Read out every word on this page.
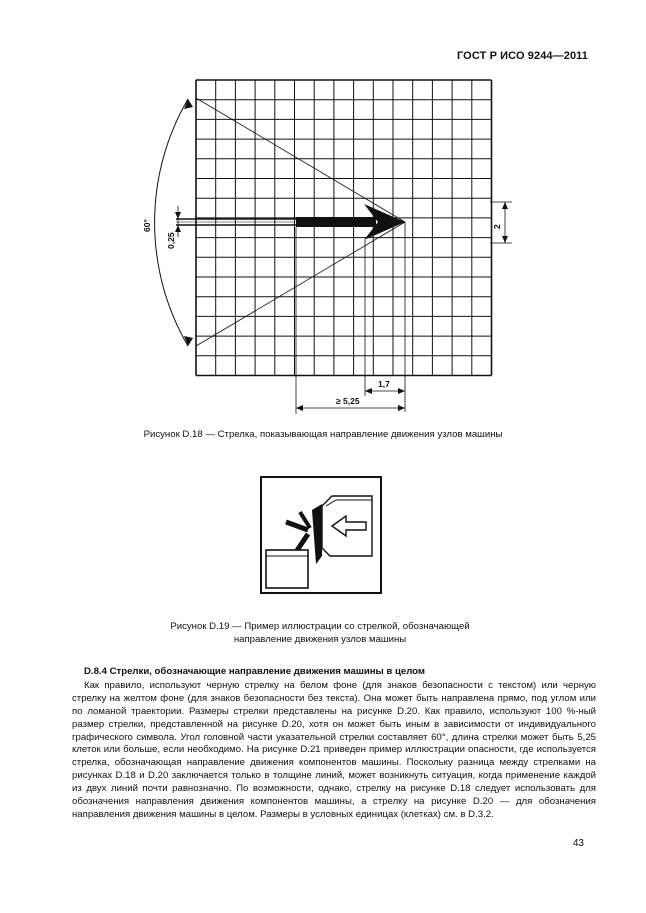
ГОСТ Р ИСО 9244—2011
0,25
60°	2
1,7
≥ 5,25
Рисунок D.18 — Стрелка, показывающая направление движения узлов машины
Рисунок D.19 — Пример иллюстрации со стрелкой, обозначающей
направление движения узлов машины
D.8.4 Стрелки, обозначающие направление движения машины в целом

Как правило, используют черную стрелку на белом фоне (для знаков безопасности с текстом) или черную стрелку на желтом фоне (для знаков безопасности без текста). Она может быть направлена прямо, под углом или по ломаной траектории. Размеры стрелки представлены на рисунке D.20. Как правило, используют 100 %-ный размер стрелки, представленной на рисунке D.20, хотя он может быть иным в зависимости от индивидуального графического символа. Угол головной части указательной стрелки составляет 60°, длина стрелки может быть 5,25 клеток или больше, если необходимо. На рисунке D.21 приведен пример иллюстрации опасности, где используется стрелка, обозначающая направление движения компонентов машины. Поскольку разница между стрелками на рисунках D.18 и D.20 заключается только в толщине линий, может возникнуть ситуация, когда применение каждой из двух линий почти равнозначно. По возможности, однако, стрелку на рисунке D.18 следует использовать для обозначения направления движения компонентов машины, а стрелку на рисунке D.20 — для обозначения направления движения машины в целом. Размеры в условных единицах (клетках) см. в D.3.2.

43
